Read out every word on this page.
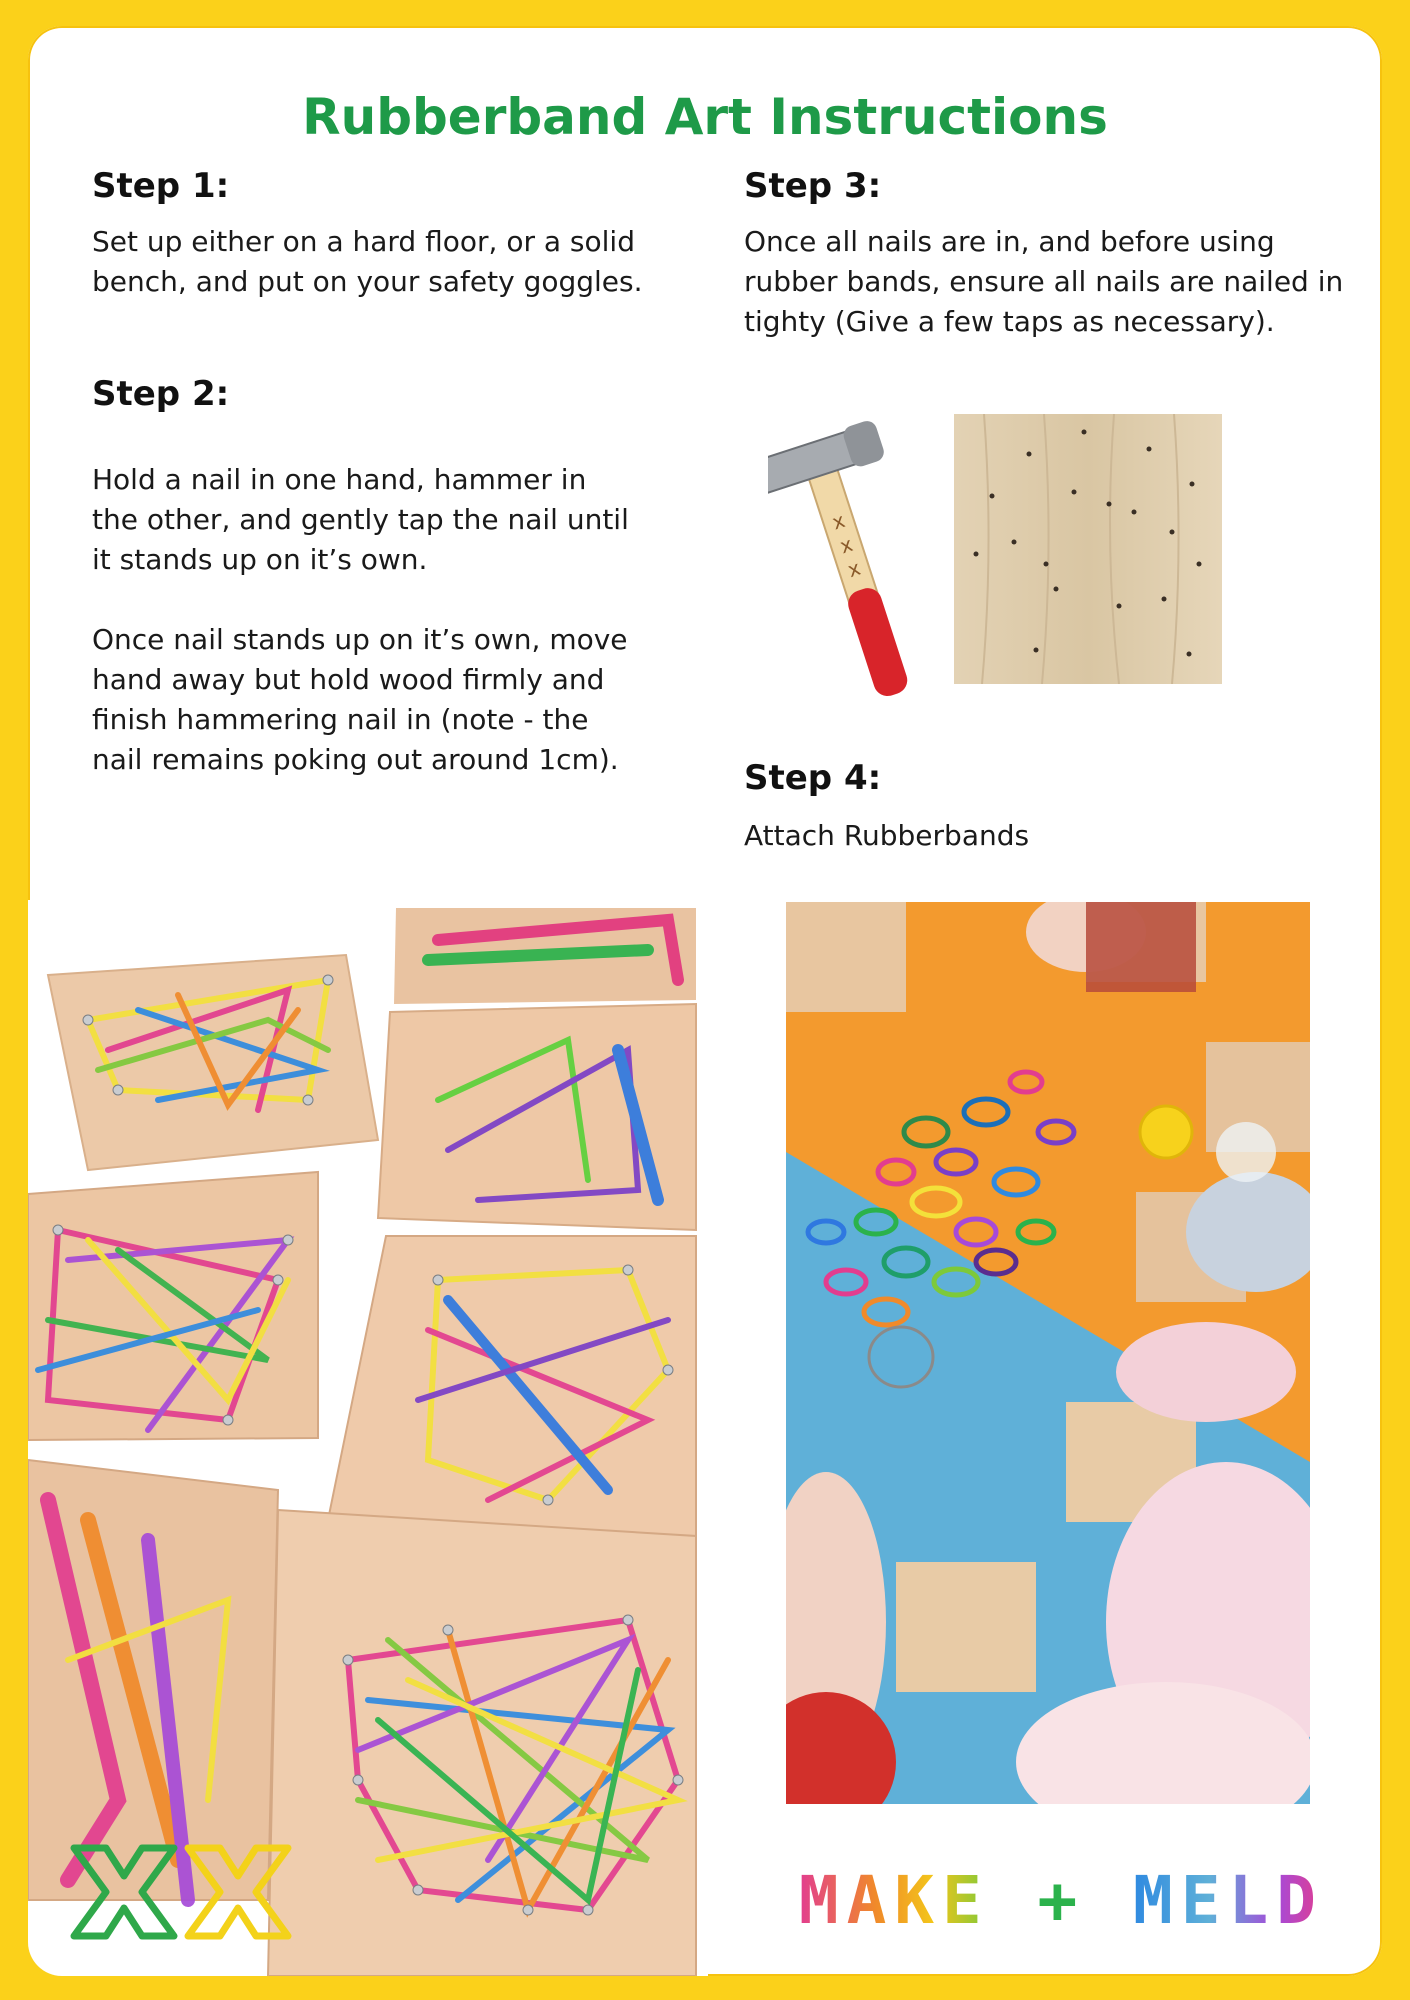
Rubberband Art Instructions
Step 1:

Set up either on a hard floor, or a solid bench, and put on your safety goggles.

Step 2:

Hold a nail in one hand, hammer in the other, and gently tap the nail until it stands up on it’s own.

Once nail stands up on it’s own, move hand away but hold wood firmly and finish hammering nail in (note - the nail remains poking out around 1cm).

Step 3:

Once all nails are in, and before using rubber bands, ensure all nails are nailed in tighty (Give a few taps as necessary).

x
x
x
Step 4:

Attach Rubberbands

MAKE + MELD
